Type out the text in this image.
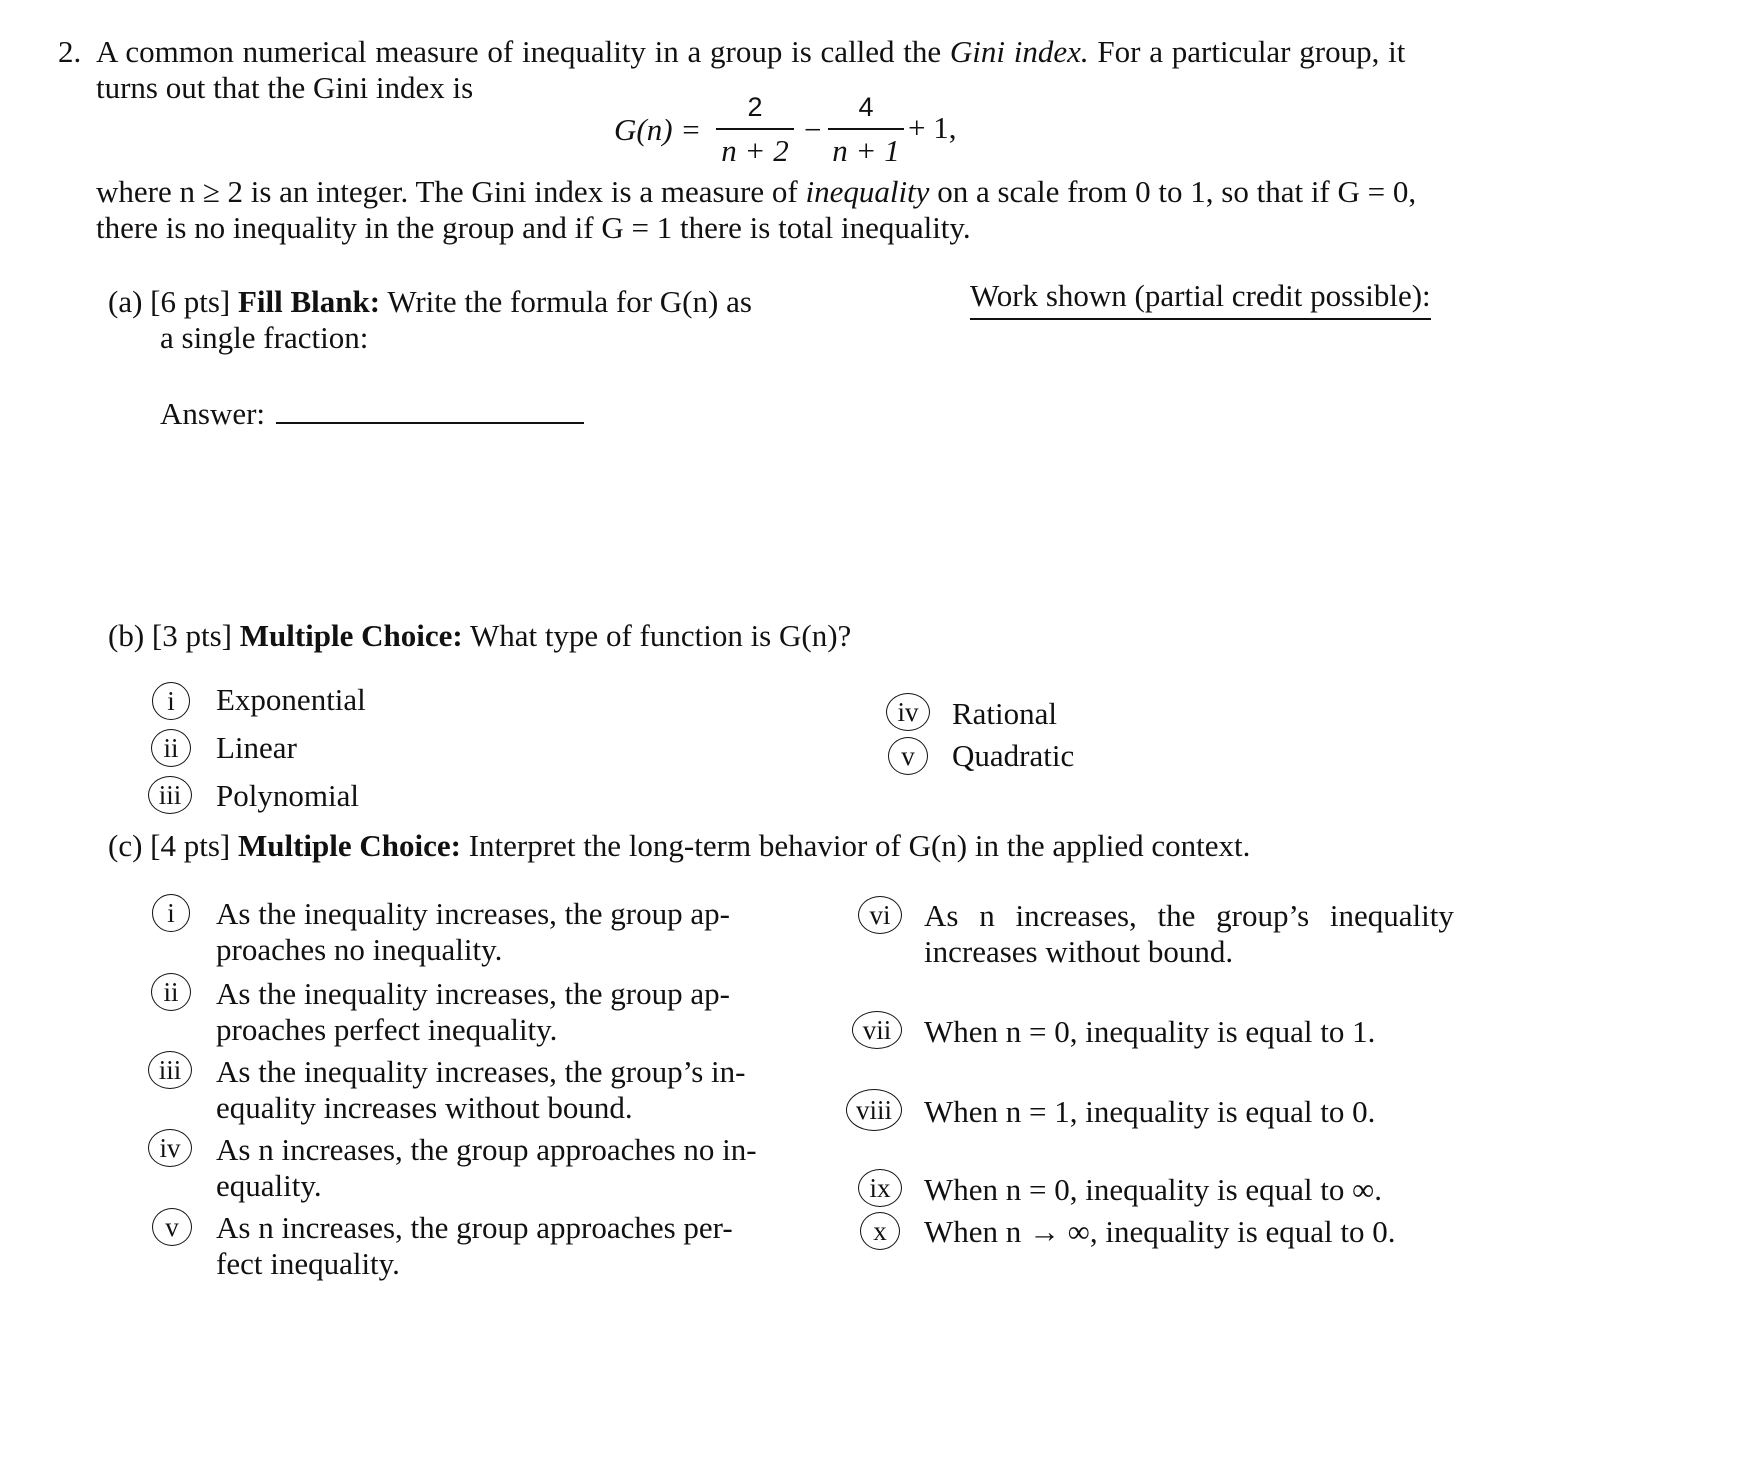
2. A common numerical measure of inequality in a group is called the Gini index. For a particular group, it
turns out that the Gini index is
G(n) =
2
n + 2
−
4
n + 1
+ 1,
where n ≥ 2 is an integer. The Gini index is a measure of inequality on a scale from 0 to 1, so that if G = 0,
there is no inequality in the group and if G = 1 there is total inequality.
(a) [6 pts] Fill Blank: Write the formula for G(n) as
a single fraction:
Work shown (partial credit possible):
Answer:
(b) [3 pts] Multiple Choice: What type of function is G(n)?
i	Exponential
ii	Linear
iii	Polynomial
iv	Rational
v	Quadratic
(c) [4 pts] Multiple Choice: Interpret the long-term behavior of G(n) in the applied context.
i	As the inequality increases, the group ap-
proaches no inequality.
ii	As the inequality increases, the group ap-
proaches perfect inequality.
iii	As the inequality increases, the group’s in-
equality increases without bound.
iv	As n increases, the group approaches no in-
equality.
v	As n increases, the group approaches per-
fect inequality.
vi	As n increases, the group’s inequality
increases without bound.
vii	When n = 0, inequality is equal to 1.
viii	When n = 1, inequality is equal to 0.
ix	When n = 0, inequality is equal to ∞.
x	When n → ∞, inequality is equal to 0.
